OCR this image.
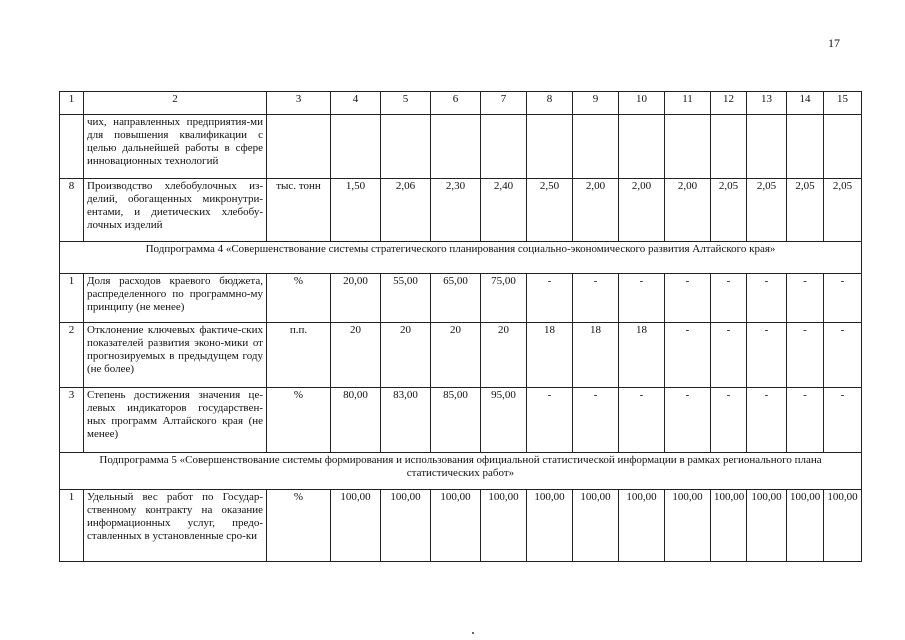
17
1	2	3	4	5	6	7	8	9	10	11	12	13	14	15
	чих, направленных предприятия-ми для повышения квалификации с целью дальнейшей работы в сфере инновационных технологий													
8	Производство хлебобулочных из-делий, обогащенных микронутри-ентами, и диетических хлебобу-лочных изделий	тыс. тонн	1,50	2,06	2,30	2,40	2,50	2,00	2,00	2,00	2,05	2,05	2,05	2,05
Подпрограмма 4 «Совершенствование системы стратегического планирования социально-экономического развития Алтайского края»														
1	Доля расходов краевого бюджета, распределенного по программно-му принципу (не менее)	%	20,00	55,00	65,00	75,00	-	-	-	-	-	-	-	-
2	Отклонение ключевых фактиче-ских показателей развития эконо-мики от прогнозируемых в предыдущем году (не более)	п.п.	20	20	20	20	18	18	18	-	-	-	-	-
3	Степень достижения значения це-левых индикаторов государствен-ных программ Алтайского края (не менее)	%	80,00	83,00	85,00	95,00	-	-	-	-	-	-	-	-
Подпрограмма 5 «Совершенствование системы формирования и использования официальной статистической информации в рамках регионального плана статистических работ»														
1	Удельный вес работ по Государ-ственному контракту на оказание информационных услуг, предо-ставленных в установленные сро-ки	%	100,00	100,00	100,00	100,00	100,00	100,00	100,00	100,00	100,00	100,00	100,00	100,00
